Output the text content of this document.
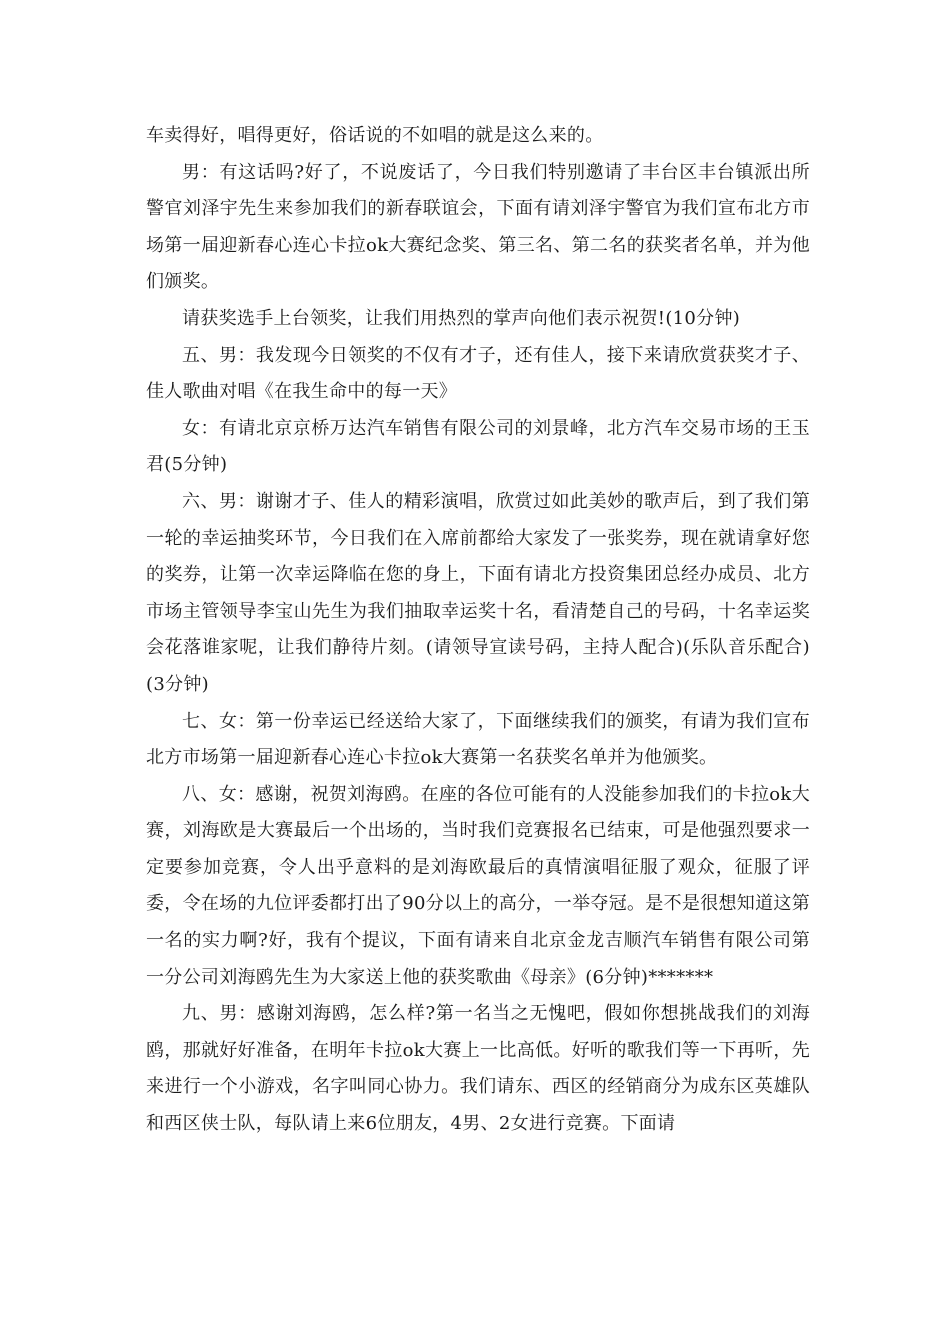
车卖得好，唱得更好，俗话说的不如唱的就是这么来的。

男：有这话吗?好了，不说废话了，今日我们特别邀请了丰台区丰台镇派出所警官刘泽宇先生来参加我们的新春联谊会，下面有请刘泽宇警官为我们宣布北方市场第一届迎新春心连心卡拉ok大赛纪念奖、第三名、第二名的获奖者名单，并为他们颁奖。

请获奖选手上台领奖，让我们用热烈的掌声向他们表示祝贺!(10分钟)

五、男：我发现今日领奖的不仅有才子，还有佳人，接下来请欣赏获奖才子、佳人歌曲对唱《在我生命中的每一天》

女：有请北京京桥万达汽车销售有限公司的刘景峰，北方汽车交易市场的王玉君(5分钟)

六、男：谢谢才子、佳人的精彩演唱，欣赏过如此美妙的歌声后，到了我们第一轮的幸运抽奖环节，今日我们在入席前都给大家发了一张奖券，现在就请拿好您的奖券，让第一次幸运降临在您的身上，下面有请北方投资集团总经办成员、北方市场主管领导李宝山先生为我们抽取幸运奖十名，看清楚自己的号码，十名幸运奖会花落谁家呢，让我们静待片刻。(请领导宣读号码，主持人配合)(乐队音乐配合)(3分钟)

七、女：第一份幸运已经送给大家了，下面继续我们的颁奖，有请为我们宣布北方市场第一届迎新春心连心卡拉ok大赛第一名获奖名单并为他颁奖。

八、女：感谢，祝贺刘海鸥。在座的各位可能有的人没能参加我们的卡拉ok大赛，刘海欧是大赛最后一个出场的，当时我们竞赛报名已结束，可是他强烈要求一定要参加竞赛，令人出乎意料的是刘海欧最后的真情演唱征服了观众，征服了评委，令在场的九位评委都打出了90分以上的高分，一举夺冠。是不是很想知道这第一名的实力啊?好，我有个提议，下面有请来自北京金龙吉顺汽车销售有限公司第一分公司刘海鸥先生为大家送上他的获奖歌曲《母亲》(6分钟)*******

九、男：感谢刘海鸥，怎么样?第一名当之无愧吧，假如你想挑战我们的刘海鸥，那就好好准备，在明年卡拉ok大赛上一比高低。好听的歌我们等一下再听，先来进行一个小游戏，名字叫同心协力。我们请东、西区的经销商分为成东区英雄队和西区侠士队，每队请上来6位朋友，4男、2女进行竞赛。下面请
